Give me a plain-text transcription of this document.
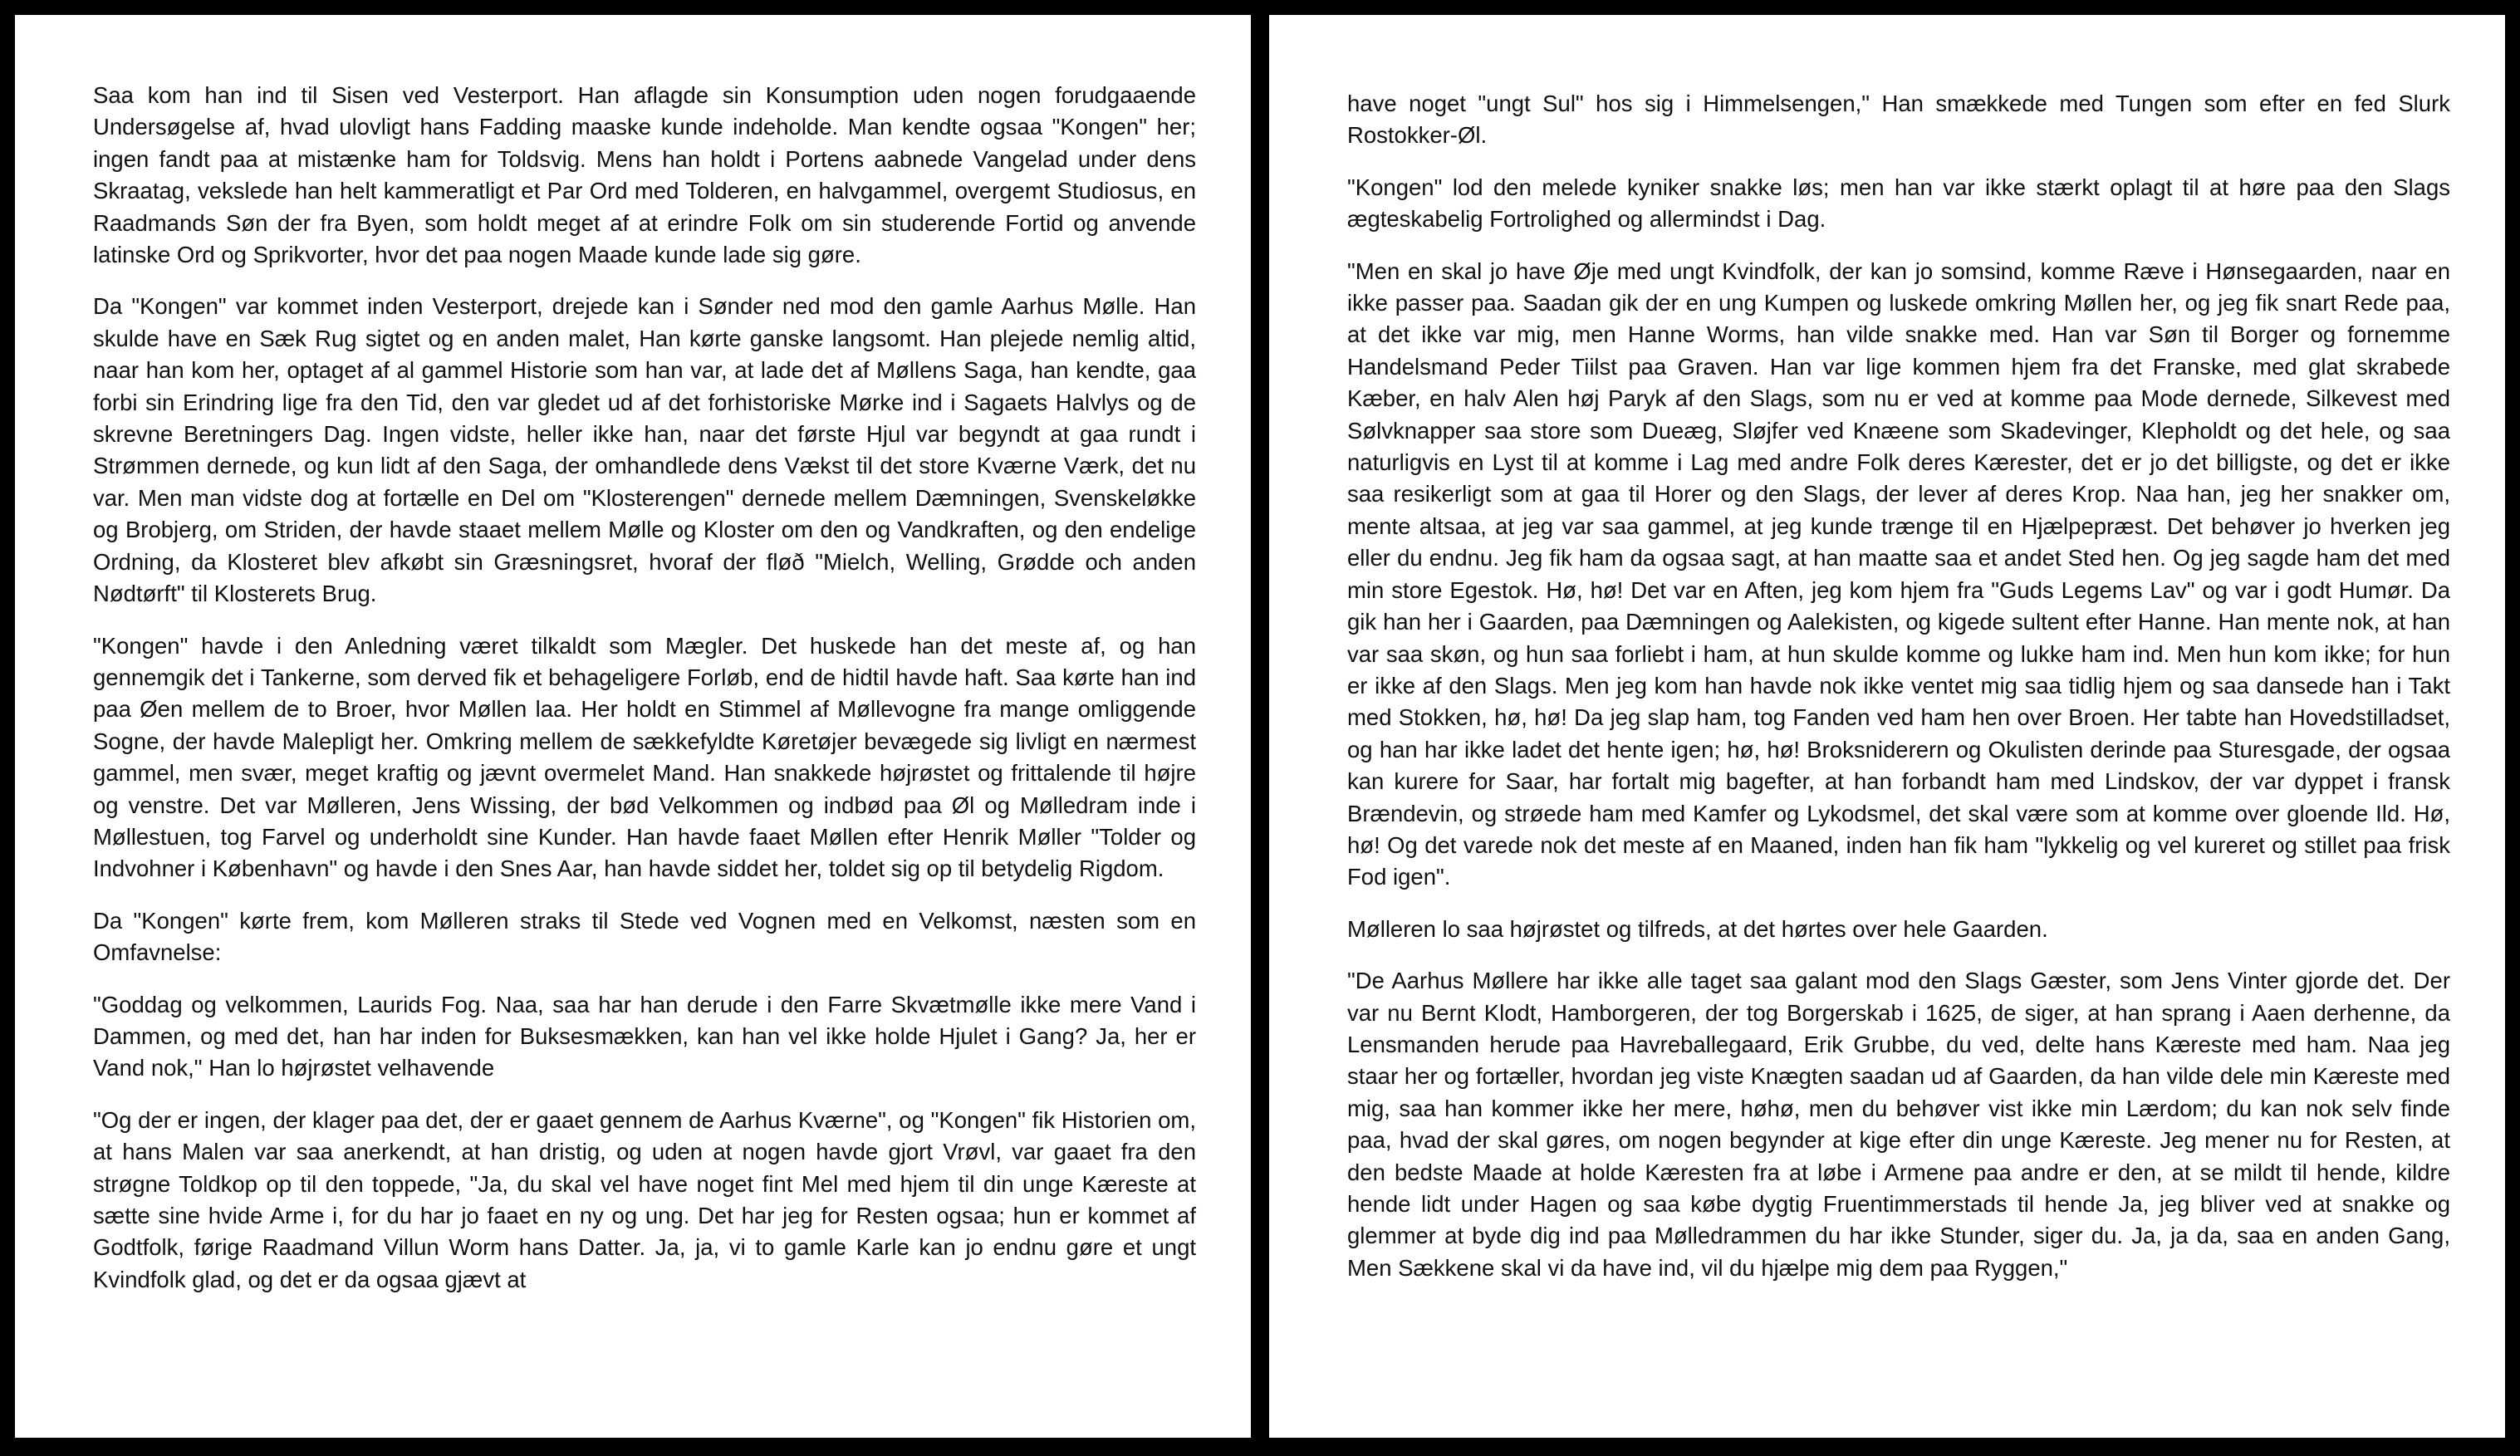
Saa kom han ind til Sisen ved Vesterport. Han aflagde sin Konsumption uden nogen forudgaaende Undersøgelse af, hvad ulovligt hans Fadding maaske kunde indeholde. Man kendte ogsaa "Kongen" her; ingen fandt paa at mistænke ham for Toldsvig. Mens han holdt i Portens aabnede Vangelad under dens Skraatag, vekslede han helt kammeratligt et Par Ord med Tolderen, en halvgammel, overgemt Studiosus, en Raadmands Søn der fra Byen, som holdt meget af at erindre Folk om sin studerende Fortid og anvende latinske Ord og Sprikvorter, hvor det paa nogen Maade kunde lade sig gøre.

Da "Kongen" var kommet inden Vesterport, drejede kan i Sønder ned mod den gamle Aarhus Mølle. Han skulde have en Sæk Rug sigtet og en anden malet, Han kørte ganske langsomt. Han plejede nemlig altid, naar han kom her, optaget af al gammel Historie som han var, at lade det af Møllens Saga, han kendte, gaa forbi sin Erindring lige fra den Tid, den var gledet ud af det forhistoriske Mørke ind i Sagaets Halvlys og de skrevne Beretningers Dag. Ingen vidste, heller ikke han, naar det første Hjul var begyndt at gaa rundt i Strømmen dernede, og kun lidt af den Saga, der omhandlede dens Vækst til det store Kværne Værk, det nu var. Men man vidste dog at fortælle en Del om "Klosterengen" dernede mellem Dæmningen, Svenskeløkke og Brobjerg, om Striden, der havde staaet mellem Mølle og Kloster om den og Vandkraften, og den endelige Ordning, da Klosteret blev afkøbt sin Græsningsret, hvoraf der fløð "Mielch, Welling, Grødde och anden Nødtørft" til Klosterets Brug.

"Kongen" havde i den Anledning været tilkaldt som Mægler. Det huskede han det meste af, og han gennemgik det i Tankerne, som derved fik et behageligere Forløb, end de hidtil havde haft. Saa kørte han ind paa Øen mellem de to Broer, hvor Møllen laa. Her holdt en Stimmel af Møllevogne fra mange omliggende Sogne, der havde Malepligt her. Omkring mellem de sækkefyldte Køretøjer bevægede sig livligt en nærmest gammel, men svær, meget kraftig og jævnt overmelet Mand. Han snakkede højrøstet og frittalende til højre og venstre. Det var Mølleren, Jens Wissing, der bød Velkommen og indbød paa Øl og Mølledram inde i Møllestuen, tog Farvel og underholdt sine Kunder. Han havde faaet Møllen efter Henrik Møller "Tolder og Indvohner i København" og havde i den Snes Aar, han havde siddet her, toldet sig op til betydelig Rigdom.

Da "Kongen" kørte frem, kom Mølleren straks til Stede ved Vognen med en Velkomst, næsten som en Omfavnelse:

"Goddag og velkommen, Laurids Fog. Naa, saa har han derude i den Farre Skvætmølle ikke mere Vand i Dammen, og med det, han har inden for Buksesmækken, kan han vel ikke holde Hjulet i Gang? Ja, her er Vand nok," Han lo højrøstet velhavende

"Og der er ingen, der klager paa det, der er gaaet gennem de Aarhus Kværne", og "Kongen" fik Historien om, at hans Malen var saa anerkendt, at han dristig, og uden at nogen havde gjort Vrøvl, var gaaet fra den strøgne Toldkop op til den toppede, "Ja, du skal vel have noget fint Mel med hjem til din unge Kæreste at sætte sine hvide Arme i, for du har jo faaet en ny og ung. Det har jeg for Resten ogsaa; hun er kommet af Godtfolk, førige Raadmand Villun Worm hans Datter. Ja, ja, vi to gamle Karle kan jo endnu gøre et ungt Kvindfolk glad, og det er da ogsaa gjævt at

have noget "ungt Sul" hos sig i Himmelsengen," Han smækkede med Tungen som efter en fed Slurk Rostokker-Øl.

"Kongen" lod den melede kyniker snakke løs; men han var ikke stærkt oplagt til at høre paa den Slags ægteskabelig Fortrolighed og allermindst i Dag.

"Men en skal jo have Øje med ungt Kvindfolk, der kan jo somsind, komme Ræve i Hønsegaarden, naar en ikke passer paa. Saadan gik der en ung Kumpen og luskede omkring Møllen her, og jeg fik snart Rede paa, at det ikke var mig, men Hanne Worms, han vilde snakke med. Han var Søn til Borger og fornemme Handelsmand Peder Tiilst paa Graven. Han var lige kommen hjem fra det Franske, med glat skrabede Kæber, en halv Alen høj Paryk af den Slags, som nu er ved at komme paa Mode dernede, Silkevest med Sølvknapper saa store som Dueæg, Sløjfer ved Knæene som Skadevinger, Klepholdt og det hele, og saa naturligvis en Lyst til at komme i Lag med andre Folk deres Kærester, det er jo det billigste, og det er ikke saa resikerligt som at gaa til Horer og den Slags, der lever af deres Krop. Naa han, jeg her snakker om, mente altsaa, at jeg var saa gammel, at jeg kunde trænge til en Hjælpepræst. Det behøver jo hverken jeg eller du endnu. Jeg fik ham da ogsaa sagt, at han maatte saa et andet Sted hen. Og jeg sagde ham det med min store Egestok. Hø, hø! Det var en Aften, jeg kom hjem fra "Guds Legems Lav" og var i godt Humør. Da gik han her i Gaarden, paa Dæmningen og Aalekisten, og kigede sultent efter Hanne. Han mente nok, at han var saa skøn, og hun saa forliebt i ham, at hun skulde komme og lukke ham ind. Men hun kom ikke; for hun er ikke af den Slags. Men jeg kom han havde nok ikke ventet mig saa tidlig hjem og saa dansede han i Takt med Stokken, hø, hø! Da jeg slap ham, tog Fanden ved ham hen over Broen. Her tabte han Hovedstilladset, og han har ikke ladet det hente igen; hø, hø! Broksniderern og Okulisten derinde paa Sturesgade, der ogsaa kan kurere for Saar, har fortalt mig bagefter, at han forbandt ham med Lindskov, der var dyppet i fransk Brændevin, og strøede ham med Kamfer og Lykodsmel, det skal være som at komme over gloende Ild. Hø, hø! Og det varede nok det meste af en Maaned, inden han fik ham "lykkelig og vel kureret og stillet paa frisk Fod igen".

Mølleren lo saa højrøstet og tilfreds, at det hørtes over hele Gaarden.

"De Aarhus Møllere har ikke alle taget saa galant mod den Slags Gæster, som Jens Vinter gjorde det. Der var nu Bernt Klodt, Hamborgeren, der tog Borgerskab i 1625, de siger, at han sprang i Aaen derhenne, da Lensmanden herude paa Havreballegaard, Erik Grubbe, du ved, delte hans Kæreste med ham. Naa jeg staar her og fortæller, hvordan jeg viste Knægten saadan ud af Gaarden, da han vilde dele min Kæreste med mig, saa han kommer ikke her mere, høhø, men du behøver vist ikke min Lærdom; du kan nok selv finde paa, hvad der skal gøres, om nogen begynder at kige efter din unge Kæreste. Jeg mener nu for Resten, at den bedste Maade at holde Kæresten fra at løbe i Armene paa andre er den, at se mildt til hende, kildre hende lidt under Hagen og saa købe dygtig Fruentimmerstads til hende Ja, jeg bliver ved at snakke og glemmer at byde dig ind paa Mølledrammen du har ikke Stunder, siger du. Ja, ja da, saa en anden Gang, Men Sækkene skal vi da have ind, vil du hjælpe mig dem paa Ryggen,"
